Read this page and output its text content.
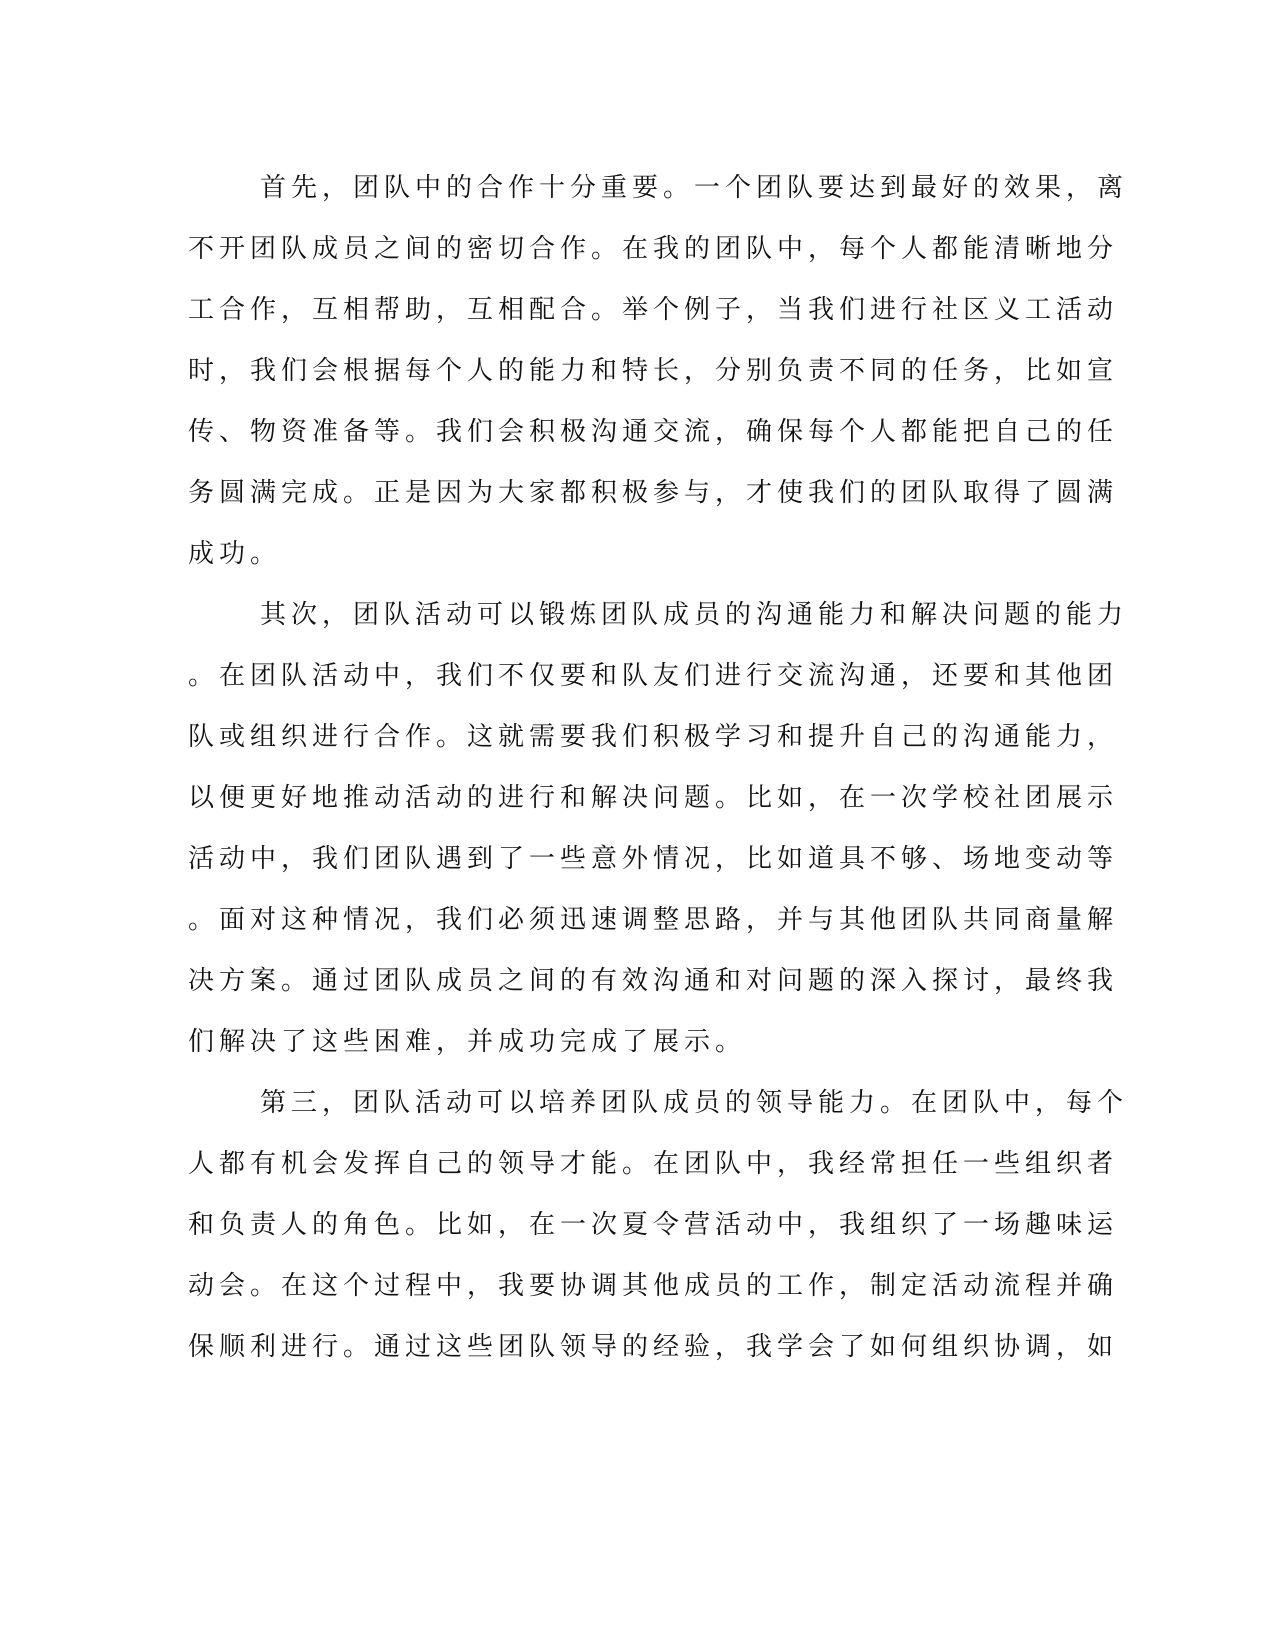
首先，团队中的合作十分重要。一个团队要达到最好的效果，离
不开团队成员之间的密切合作。在我的团队中，每个人都能清晰地分
工合作，互相帮助，互相配合。举个例子，当我们进行社区义工活动
时，我们会根据每个人的能力和特长，分别负责不同的任务，比如宣
传、物资准备等。我们会积极沟通交流，确保每个人都能把自己的任
务圆满完成。正是因为大家都积极参与，才使我们的团队取得了圆满
成功。
其次，团队活动可以锻炼团队成员的沟通能力和解决问题的能力
。在团队活动中，我们不仅要和队友们进行交流沟通，还要和其他团
队或组织进行合作。这就需要我们积极学习和提升自己的沟通能力，
以便更好地推动活动的进行和解决问题。比如，在一次学校社团展示
活动中，我们团队遇到了一些意外情况，比如道具不够、场地变动等
。面对这种情况，我们必须迅速调整思路，并与其他团队共同商量解
决方案。通过团队成员之间的有效沟通和对问题的深入探讨，最终我
们解决了这些困难，并成功完成了展示。
第三，团队活动可以培养团队成员的领导能力。在团队中，每个
人都有机会发挥自己的领导才能。在团队中，我经常担任一些组织者
和负责人的角色。比如，在一次夏令营活动中，我组织了一场趣味运
动会。在这个过程中，我要协调其他成员的工作，制定活动流程并确
保顺利进行。通过这些团队领导的经验，我学会了如何组织协调，如
